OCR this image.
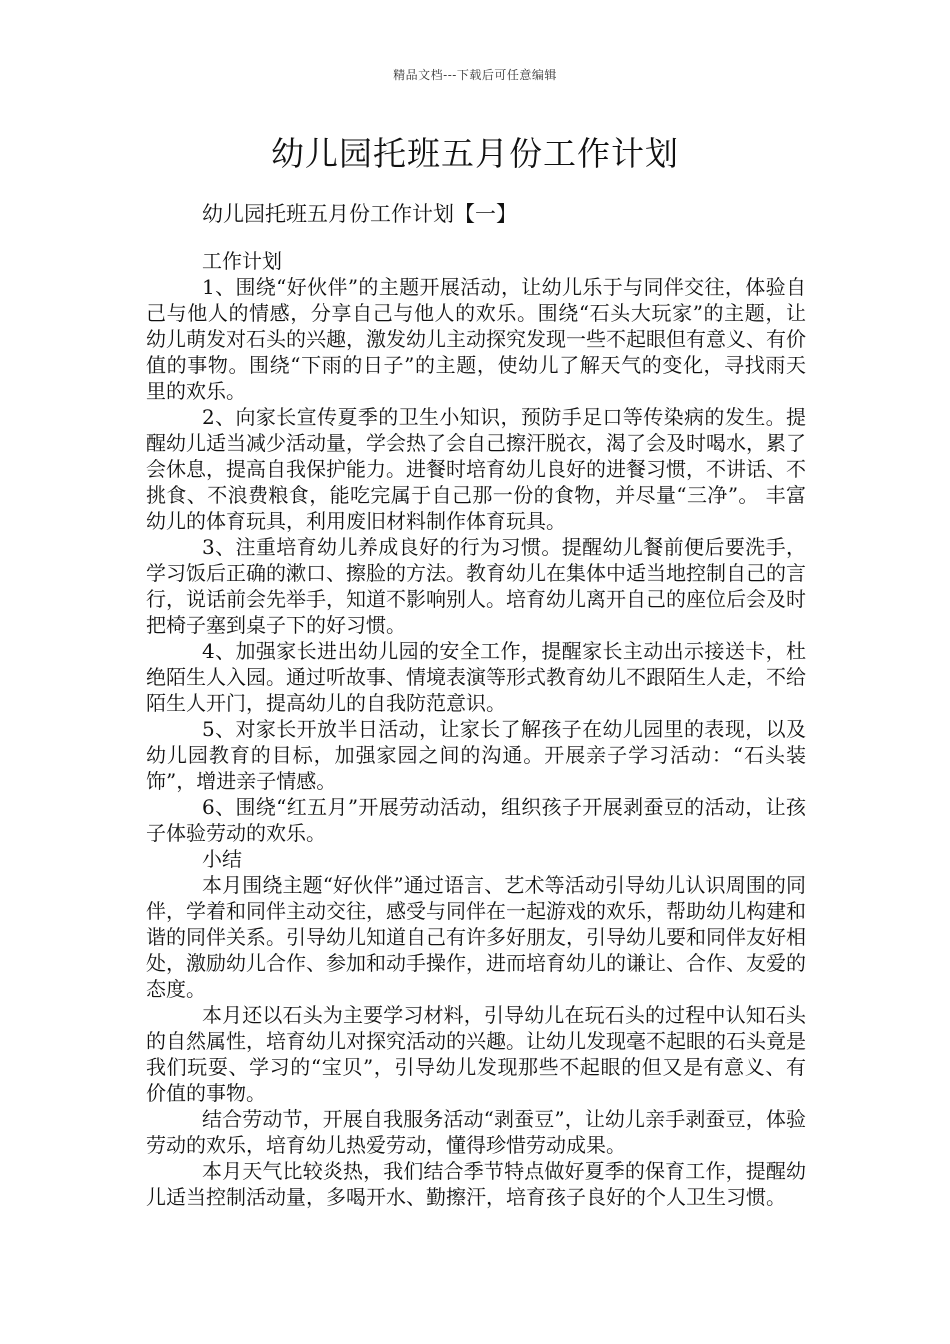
精品文档---下载后可任意编辑
幼儿园托班五月份工作计划
幼儿园托班五月份工作计划【一】

工作计划

1、围绕“好伙伴”的主题开展活动，让幼儿乐于与同伴交往，体验自己与他人的情感，分享自己与他人的欢乐。围绕“石头大玩家”的主题，让幼儿萌发对石头的兴趣，激发幼儿主动探究发现一些不起眼但有意义、有价值的事物。围绕“下雨的日子”的主题，使幼儿了解天气的变化，寻找雨天里的欢乐。

2、向家长宣传夏季的卫生小知识，预防手足口等传染病的发生。提醒幼儿适当减少活动量，学会热了会自己擦汗脱衣，渴了会及时喝水，累了会休息，提高自我保护能力。进餐时培育幼儿良好的进餐习惯，不讲话、不挑食、不浪费粮食，能吃完属于自己那一份的食物，并尽量“三净”。 丰富幼儿的体育玩具，利用废旧材料制作体育玩具。

3、注重培育幼儿养成良好的行为习惯。提醒幼儿餐前便后要洗手，学习饭后正确的漱口、擦脸的方法。教育幼儿在集体中适当地控制自己的言行，说话前会先举手，知道不影响别人。培育幼儿离开自己的座位后会及时把椅子塞到桌子下的好习惯。

4、加强家长进出幼儿园的安全工作，提醒家长主动出示接送卡，杜绝陌生人入园。通过听故事、情境表演等形式教育幼儿不跟陌生人走，不给陌生人开门，提高幼儿的自我防范意识。

5、对家长开放半日活动，让家长了解孩子在幼儿园里的表现，以及幼儿园教育的目标，加强家园之间的沟通。开展亲子学习活动：“石头装饰”，增进亲子情感。

6、围绕“红五月”开展劳动活动，组织孩子开展剥蚕豆的活动，让孩子体验劳动的欢乐。

小结

本月围绕主题“好伙伴”通过语言、艺术等活动引导幼儿认识周围的同伴，学着和同伴主动交往，感受与同伴在一起游戏的欢乐，帮助幼儿构建和谐的同伴关系。引导幼儿知道自己有许多好朋友，引导幼儿要和同伴友好相处，激励幼儿合作、参加和动手操作，进而培育幼儿的谦让、合作、友爱的态度。

本月还以石头为主要学习材料，引导幼儿在玩石头的过程中认知石头的自然属性，培育幼儿对探究活动的兴趣。让幼儿发现毫不起眼的石头竟是我们玩耍、学习的“宝贝”，引导幼儿发现那些不起眼的但又是有意义、有价值的事物。

结合劳动节，开展自我服务活动“剥蚕豆”，让幼儿亲手剥蚕豆，体验劳动的欢乐，培育幼儿热爱劳动，懂得珍惜劳动成果。

本月天气比较炎热，我们结合季节特点做好夏季的保育工作，提醒幼儿适当控制活动量，多喝开水、勤擦汗，培育孩子良好的个人卫生习惯。
